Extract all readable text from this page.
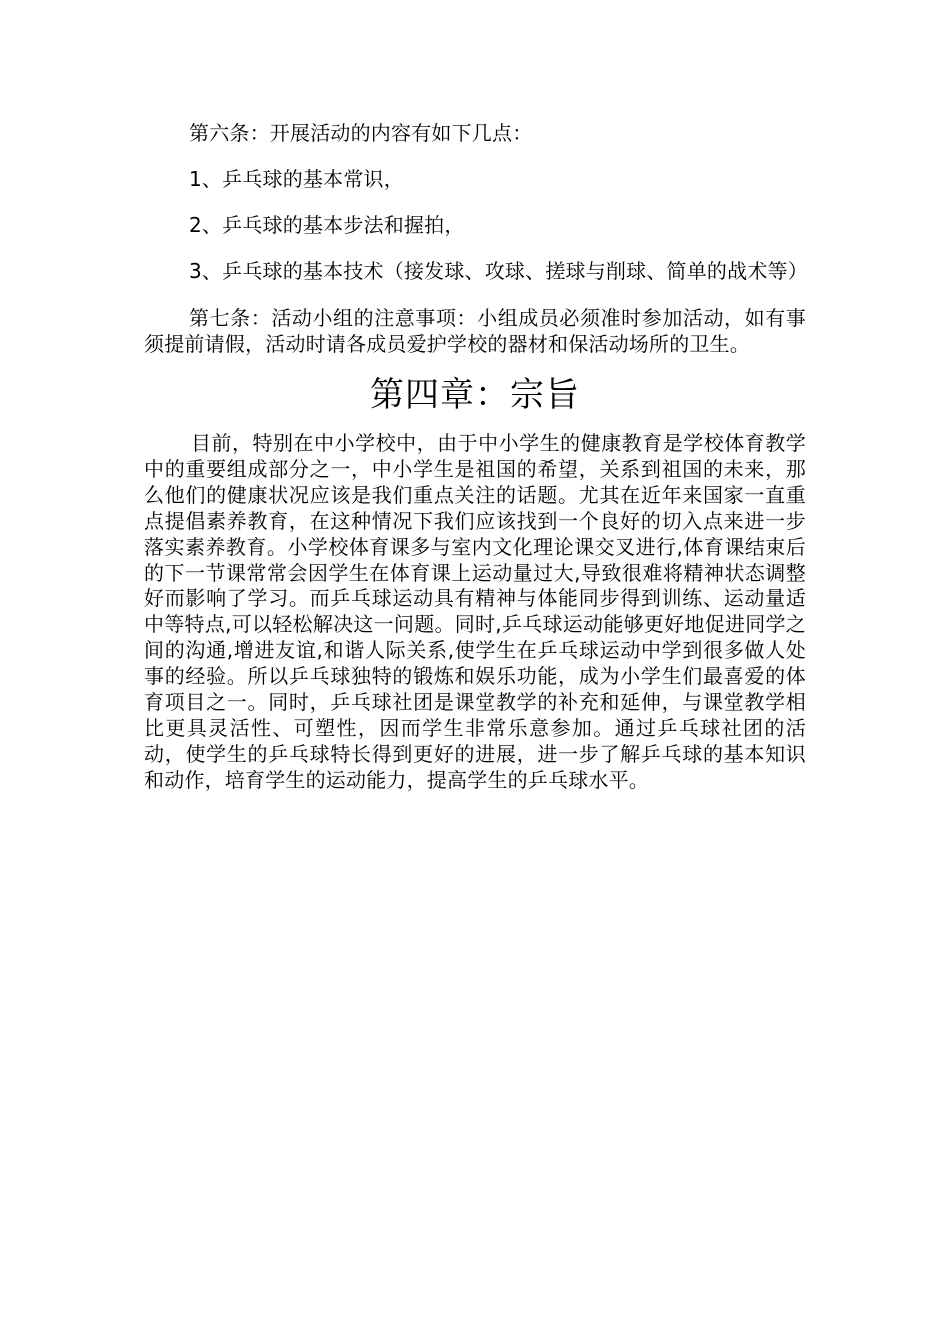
第六条：开展活动的内容有如下几点：

1、乒乓球的基本常识，

2、乒乓球的基本步法和握拍，

3、乒乓球的基本技术（接发球、攻球、搓球与削球、简单的战术等）

第七条：活动小组的注意事项：小组成员必须准时参加活动，如有事须提前请假，活动时请各成员爱护学校的器材和保活动场所的卫生。

第四章：宗旨

目前，特别在中小学校中，由于中小学生的健康教育是学校体育教学中的重要组成部分之一，中小学生是祖国的希望，关系到祖国的未来，那么他们的健康状况应该是我们重点关注的话题。尤其在近年来国家一直重点提倡素养教育，在这种情况下我们应该找到一个良好的切入点来进一步落实素养教育。小学校体育课多与室内文化理论课交叉进行,体育课结束后的下一节课常常会因学生在体育课上运动量过大,导致很难将精神状态调整好而影响了学习。而乒乓球运动具有精神与体能同步得到训练、运动量适中等特点,可以轻松解决这一问题。同时,乒乓球运动能够更好地促进同学之间的沟通,增进友谊,和谐人际关系,使学生在乒乓球运动中学到很多做人处事的经验。所以乒乓球独特的锻炼和娱乐功能，成为小学生们最喜爱的体育项目之一。同时，乒乓球社团是课堂教学的补充和延伸，与课堂教学相比更具灵活性、可塑性，因而学生非常乐意参加。通过乒乓球社团的活动，使学生的乒乓球特长得到更好的进展，进一步了解乒乓球的基本知识和动作，培育学生的运动能力，提高学生的乒乓球水平。
